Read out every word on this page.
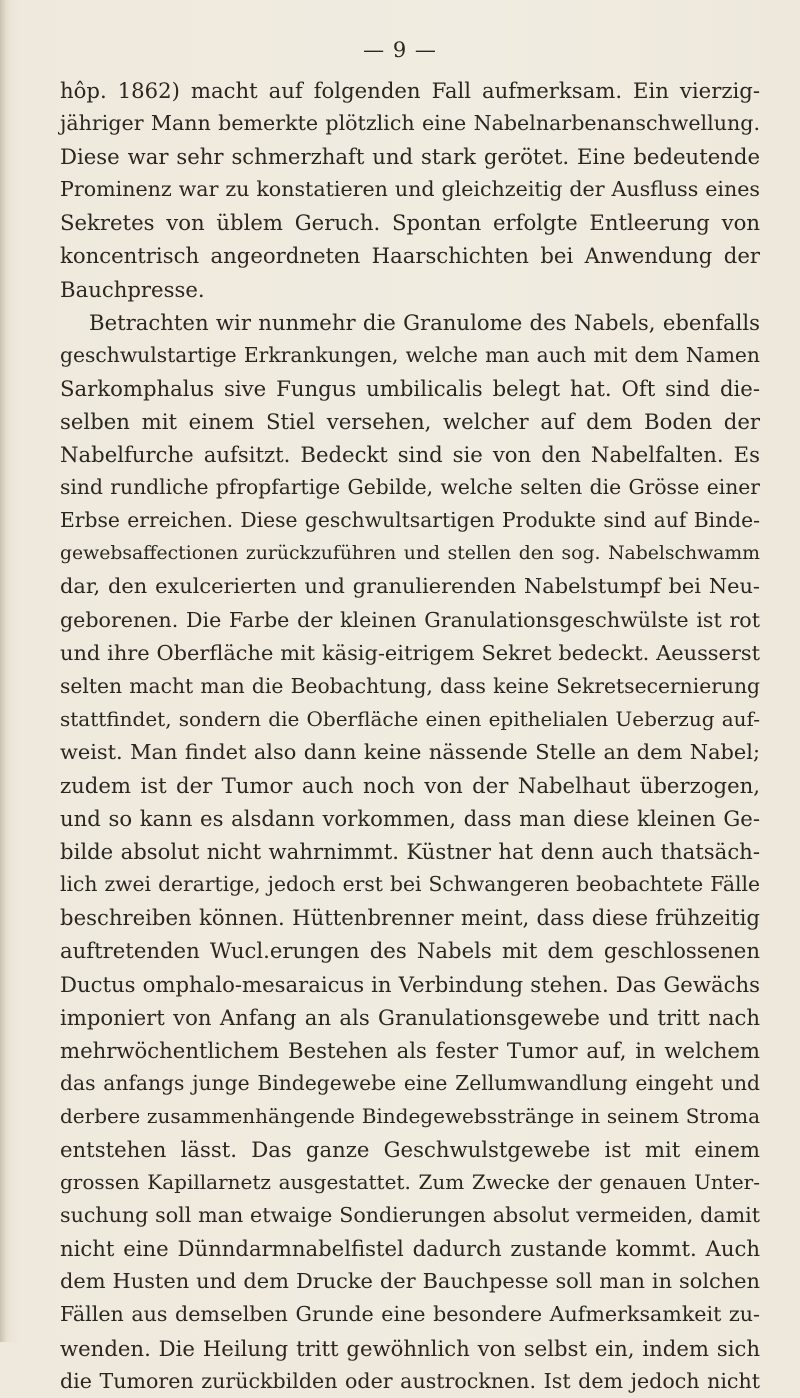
— 9 —
hôp. 1862) macht auf folgenden Fall aufmerksam. Ein vierzig-
jähriger Mann bemerkte plötzlich eine Nabelnarbenanschwellung.
Diese war sehr schmerzhaft und stark gerötet. Eine bedeutende
Prominenz war zu konstatieren und gleichzeitig der Ausfluss eines
Sekretes von üblem Geruch. Spontan erfolgte Entleerung von
koncentrisch angeordneten Haarschichten bei Anwendung der
Bauchpresse.
Betrachten wir nunmehr die Granulome des Nabels, ebenfalls
geschwulstartige Erkrankungen, welche man auch mit dem Namen
Sarkomphalus sive Fungus umbilicalis belegt hat. Oft sind die-
selben mit einem Stiel versehen, welcher auf dem Boden der
Nabelfurche aufsitzt. Bedeckt sind sie von den Nabelfalten. Es
sind rundliche pfropfartige Gebilde, welche selten die Grösse einer
Erbse erreichen. Diese geschwultsartigen Produkte sind auf Binde-
gewebsaffectionen zurückzuführen und stellen den sog. Nabelschwamm
dar, den exulcerierten und granulierenden Nabelstumpf bei Neu-
geborenen. Die Farbe der kleinen Granulationsgeschwülste ist rot
und ihre Oberfläche mit käsig-eitrigem Sekret bedeckt. Aeusserst
selten macht man die Beobachtung, dass keine Sekretsecernierung
stattfindet, sondern die Oberfläche einen epithelialen Ueberzug auf-
weist. Man findet also dann keine nässende Stelle an dem Nabel;
zudem ist der Tumor auch noch von der Nabelhaut überzogen,
und so kann es alsdann vorkommen, dass man diese kleinen Ge-
bilde absolut nicht wahrnimmt. Küstner hat denn auch thatsäch-
lich zwei derartige, jedoch erst bei Schwangeren beobachtete Fälle
beschreiben können. Hüttenbrenner meint, dass diese frühzeitig
auftretenden Wucl.erungen des Nabels mit dem geschlossenen
Ductus omphalo-mesaraicus in Verbindung stehen. Das Gewächs
imponiert von Anfang an als Granulationsgewebe und tritt nach
mehrwöchentlichem Bestehen als fester Tumor auf, in welchem
das anfangs junge Bindegewebe eine Zellumwandlung eingeht und
derbere zusammenhängende Bindegewebsstränge in seinem Stroma
entstehen lässt. Das ganze Geschwulstgewebe ist mit einem
grossen Kapillarnetz ausgestattet. Zum Zwecke der genauen Unter-
suchung soll man etwaige Sondierungen absolut vermeiden, damit
nicht eine Dünndarmnabelfistel dadurch zustande kommt. Auch
dem Husten und dem Drucke der Bauchpesse soll man in solchen
Fällen aus demselben Grunde eine besondere Aufmerksamkeit zu-
wenden. Die Heilung tritt gewöhnlich von selbst ein, indem sich
die Tumoren zurückbilden oder austrocknen. Ist dem jedoch nicht
